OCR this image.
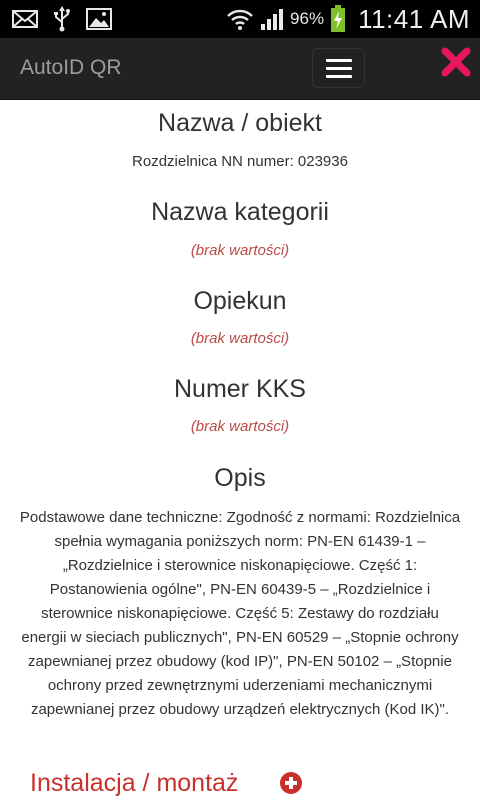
96% 11:41 AM
AutoID QR
Nazwa / obiekt

Rozdzielnica NN numer: 023936

Nazwa kategorii

(brak wartości)

Opiekun

(brak wartości)

Numer KKS

(brak wartości)

Opis

Podstawowe dane techniczne: Zgodność z normami: Rozdzielnica spełnia wymagania poniższych norm: PN-EN 61439-1 – „Rozdzielnice i sterownice niskonapięciowe. Część 1: Postanowienia ogólne", PN-EN 60439-5 – „Rozdzielnice i sterownice niskonapięciowe. Część 5: Zestawy do rozdziału energii w sieciach publicznych", PN-EN 60529 – „Stopnie ochrony zapewnianej przez obudowy (kod IP)", PN-EN 50102 – „Stopnie ochrony przed zewnętrznymi uderzeniami mechanicznymi zapewnianej przez obudowy urządzeń elektrycznych (Kod IK)".

Instalacja / montaż
